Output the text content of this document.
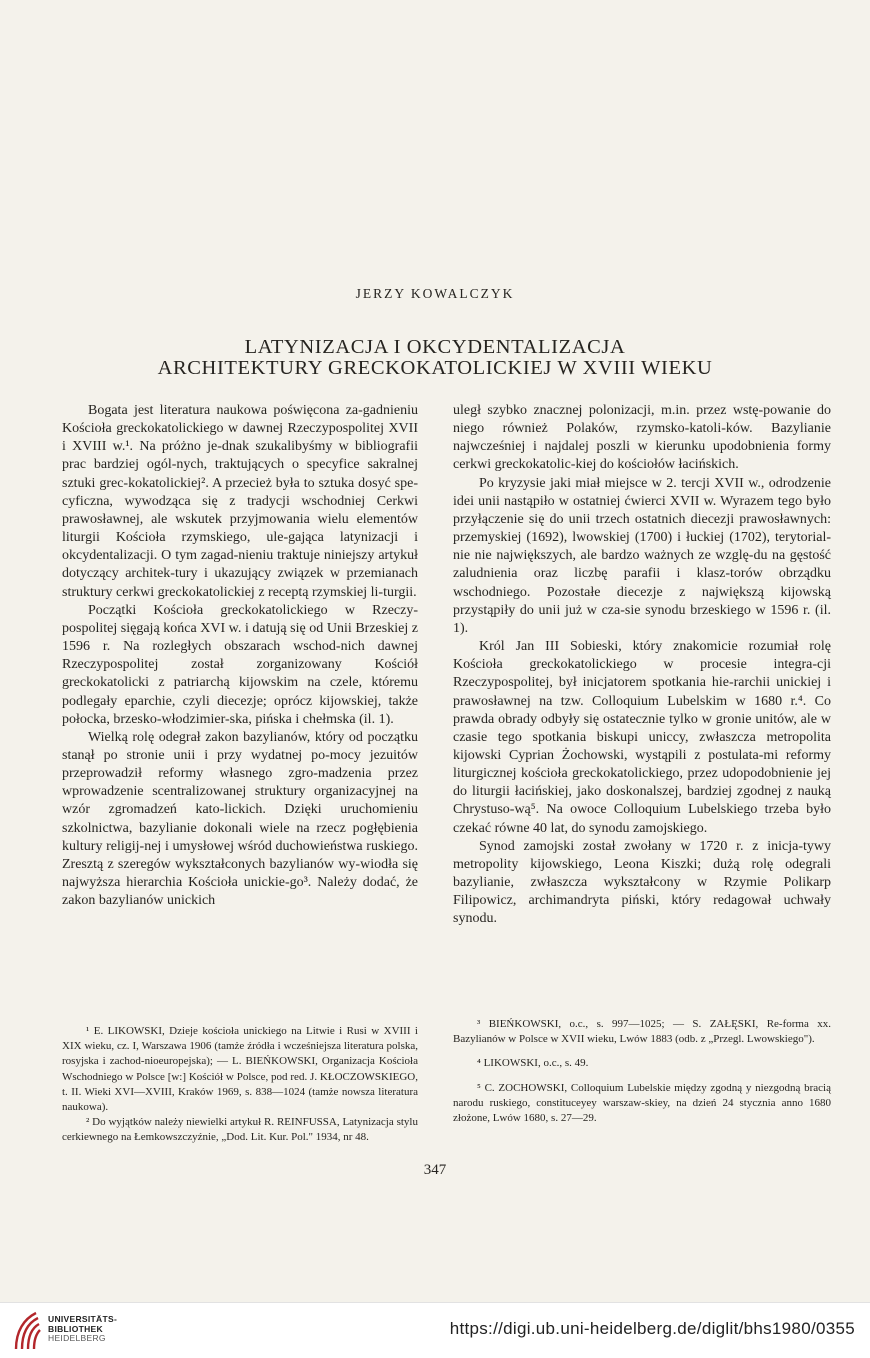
JERZY KOWALCZYK
LATYNIZACJA I OKCYDENTALIZACJA
ARCHITEKTURY GRECKOKATOLICKIEJ W XVIII WIEKU

Bogata jest literatura naukowa poświęcona za-gadnieniu Kościoła greckokatolickiego w dawnej Rzeczypospolitej XVII i XVIII w.¹. Na próżno je-dnak szukalibyśmy w bibliografii prac bardziej ogól-nych, traktujących o specyfice sakralnej sztuki grec-kokatolickiej². A przecież była to sztuka dosyć spe-cyficzna, wywodząca się z tradycji wschodniej Cerkwi prawosławnej, ale wskutek przyjmowania wielu elementów liturgii Kościoła rzymskiego, ule-gająca latynizacji i okcydentalizacji. O tym zagad-nieniu traktuje niniejszy artykuł dotyczący architek-tury i ukazujący związek w przemianach struktury cerkwi greckokatolickiej z receptą rzymskiej li-turgii.

Początki Kościoła greckokatolickiego w Rzeczy-pospolitej sięgają końca XVI w. i datują się od Unii Brzeskiej z 1596 r. Na rozległych obszarach wschod-nich dawnej Rzeczypospolitej został zorganizowany Kościół greckokatolicki z patriarchą kijowskim na czele, któremu podlegały eparchie, czyli diecezje; oprócz kijowskiej, także połocka, brzesko-włodzimier-ska, pińska i chełmska (il. 1).

Wielką rolę odegrał zakon bazylianów, który od początku stanął po stronie unii i przy wydatnej po-mocy jezuitów przeprowadził reformy własnego zgro-madzenia przez wprowadzenie scentralizowanej struktury organizacyjnej na wzór zgromadzeń kato-lickich. Dzięki uruchomieniu szkolnictwa, bazylianie dokonali wiele na rzecz pogłębienia kultury religij-nej i umysłowej wśród duchowieństwa ruskiego. Zresztą z szeregów wykształconych bazylianów wy-wiodła się najwyższa hierarchia Kościoła unickie-go³. Należy dodać, że zakon bazylianów unickich

uległ szybko znacznej polonizacji, m.in. przez wstę-powanie do niego również Polaków, rzymsko-katoli-ków. Bazylianie najwcześniej i najdalej poszli w kierunku upodobnienia formy cerkwi greckokatolic-kiej do kościołów łacińskich.

Po kryzysie jaki miał miejsce w 2. tercji XVII w., odrodzenie idei unii nastąpiło w ostatniej ćwierci XVII w. Wyrazem tego było przyłączenie się do unii trzech ostatnich diecezji prawosławnych: przemyskiej (1692), lwowskiej (1700) i łuckiej (1702), terytorial-nie nie największych, ale bardzo ważnych ze wzglę-du na gęstość zaludnienia oraz liczbę parafii i klasz-torów obrządku wschodniego. Pozostałe diecezje z największą kijowską przystąpiły do unii już w cza-sie synodu brzeskiego w 1596 r. (il. 1).

Król Jan III Sobieski, który znakomicie rozumiał rolę Kościoła greckokatolickiego w procesie integra-cji Rzeczypospolitej, był inicjatorem spotkania hie-rarchii unickiej i prawosławnej na tzw. Colloquium Lubelskim w 1680 r.⁴. Co prawda obrady odbyły się ostatecznie tylko w gronie unitów, ale w czasie tego spotkania biskupi uniccy, zwłaszcza metropolita kijowski Cyprian Żochowski, wystąpili z postulata-mi reformy liturgicznej kościoła greckokatolickiego, przez udopodobnienie jej do liturgii łacińskiej, jako doskonalszej, bardziej zgodnej z nauką Chrystuso-wą⁵. Na owoce Colloquium Lubelskiego trzeba było czekać równe 40 lat, do synodu zamojskiego.

Synod zamojski został zwołany w 1720 r. z inicja-tywy metropolity kijowskiego, Leona Kiszki; dużą rolę odegrali bazylianie, zwłaszcza wykształcony w Rzymie Polikarp Filipowicz, archimandryta piński, który redagował uchwały synodu.

¹ E. LIKOWSKI, Dzieje kościoła unickiego na Litwie i Rusi w XVIII i XIX wieku, cz. I, Warszawa 1906 (tamże źródła i wcześniejsza literatura polska, rosyjska i zachod-nioeuropejska); — L. BIEŃKOWSKI, Organizacja Kościoła Wschodniego w Polsce [w:] Kościół w Polsce, pod red. J. KŁOCZOWSKIEGO, t. II. Wieki XVI—XVIII, Kraków 1969, s. 838—1024 (tamże nowsza literatura naukowa).

² Do wyjątków należy niewielki artykuł R. REINFUSSA, Latynizacja stylu cerkiewnego na Łemkowszczyźnie, „Dod. Lit. Kur. Pol." 1934, nr 48.

³ BIEŃKOWSKI, o.c., s. 997—1025; — S. ZAŁĘSKI, Re-forma xx. Bazylianów w Polsce w XVII wieku, Lwów 1883 (odb. z „Przegl. Lwowskiego").

⁴ LIKOWSKI, o.c., s. 49.

⁵ C. ZOCHOWSKI, Colloquium Lubelskie między zgodną y niezgodną bracią narodu ruskiego, constituceyey warszaw-skiey, na dzień 24 stycznia anno 1680 złożone, Lwów 1680, s. 27—29.

347
UNIVERSITÄTS-
BIBLIOTHEK
HEIDELBERG	https://digi.ub.uni-heidelberg.de/diglit/bhs1980/0355
